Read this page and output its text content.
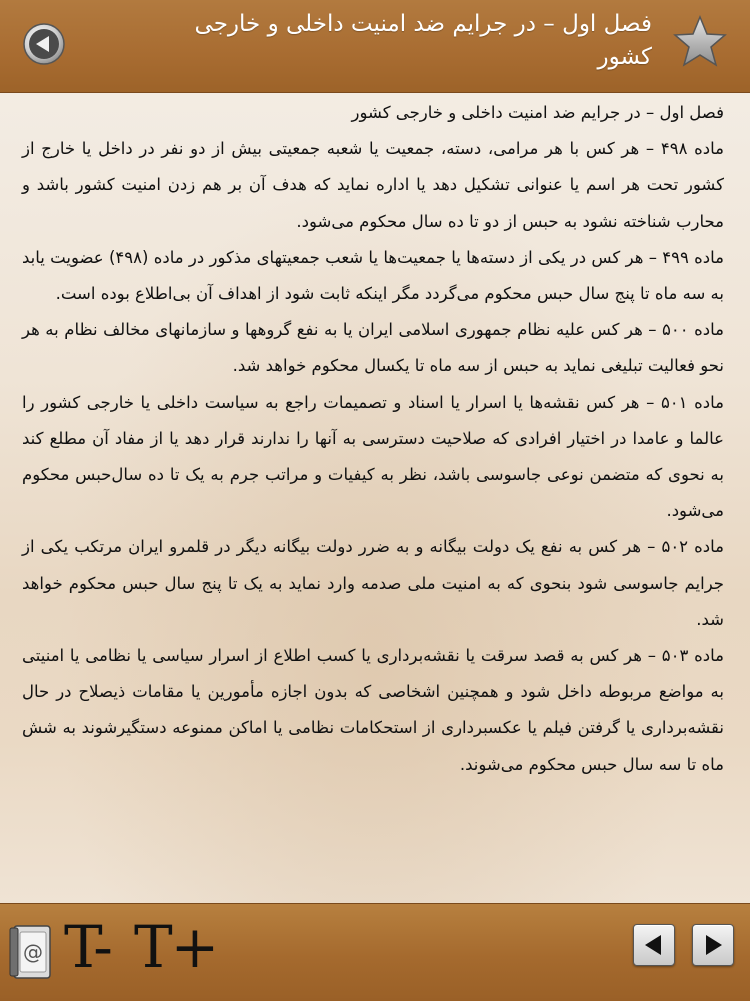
فصل اول – در جرایم ضد امنیت داخلی و خارجی کشور

فصل اول – در جرایم ضد امنیت داخلی و خارجی کشور

ماده ۴۹۸ – هر کس با هر مرامی، دسته، جمعیت یا شعبه جمعیتی بیش از دو نفر در داخل یا خارج از کشور تحت هر اسم یا عنوانی تشکیل دهد یا اداره نماید که هدف آن بر هم زدن امنیت کشور باشد و محارب شناخته نشود به حبس از دو تا ده سال محکوم می‌شود.

ماده ۴۹۹ – هر کس در یکی از دسته‌ها یا جمعیت‌ها یا شعب جمعیتهای مذکور در ماده (۴۹۸) عضویت یابد به سه ماه تا پنج سال حبس محکوم می‌گردد مگر اینکه ثابت شود از اهداف آن بی‌اطلاع بوده است.

ماده ۵۰۰ – هر کس علیه نظام جمهوری اسلامی ایران یا به نفع گروهها و سازمانهای مخالف نظام به هر نحو فعالیت تبلیغی نماید به حبس از سه ماه تا یکسال محکوم خواهد شد.

ماده ۵۰۱ – هر کس نقشه‌ها یا اسرار یا اسناد و تصمیمات راجع به سیاست داخلی یا خارجی کشور را عالما و عامدا در اختیار افرادی که صلاحیت دسترسی به آنها را ندارند قرار دهد یا از مفاد آن مطلع کند به نحوی که متضمن نوعی جاسوسی باشد، نظر به کیفیات و مراتب جرم به یک تا ده سال‌حبس محکوم می‌شود.

ماده ۵۰۲ – هر کس به نفع یک دولت بیگانه و به ضرر دولت بیگانه دیگر در قلمرو ایران مرتکب یکی از جرایم جاسوسی شود بنحوی که به امنیت ملی صدمه وارد نماید به یک تا پنج سال حبس محکوم خواهد شد.

ماده ۵۰۳ – هر کس به قصد سرقت یا نقشه‌برداری یا کسب اطلاع از اسرار سیاسی یا نظامی یا امنیتی به مواضع مربوطه داخل شود و همچنین اشخاصی که بدون اجازه مأمورین یا مقامات ذیصلاح در حال نقشه‌برداری یا گرفتن فیلم یا عکسبرداری از استحکامات نظامی یا اماکن ممنوعه دستگیرشوند به شش ماه تا سه سال حبس محکوم می‌شوند.

@ T- T+
